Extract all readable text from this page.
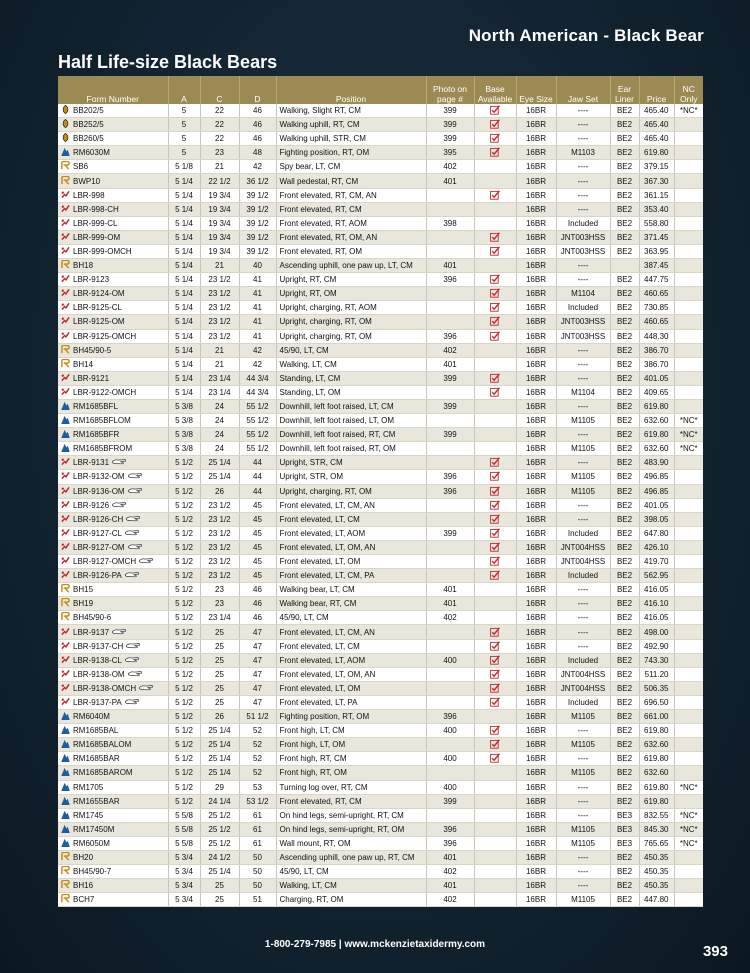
North American - Black Bear
Half Life-size Black Bears
Form Number	A	C	D	Position	Photo on page #	Base Available	Eye Size	Jaw Set	Ear Liner	Price	NC Only
BB202/5	5	22	46	Walking, Slight RT, CM	399		16BR	----	BE2	465.40	*NC*
BB252/5	5	22	46	Walking uphill, RT, CM	399		16BR	----	BE2	465.40	
BB260/5	5	22	46	Walking uphill, STR, CM	399		16BR	----	BE2	465.40	
RM6030M	5	23	48	Fighting position, RT, OM	395		16BR	M1103	BE2	619.80	
SB6	5 1/8	21	42	Spy bear, LT, CM	402		16BR	----	BE2	379.15	
BWP10	5 1/4	22 1/2	36 1/2	Wall pedestal, RT, CM	401		16BR	----	BE2	367.30	
LBR-998	5 1/4	19 3/4	39 1/2	Front elevated, RT, CM, AN			16BR	----	BE2	361.15	
LBR-998-CH	5 1/4	19 3/4	39 1/2	Front elevated, RT, CM			16BR	----	BE2	353.40	
LBR-999-CL	5 1/4	19 3/4	39 1/2	Front elevated, RT, AOM	398		16BR	Included	BE2	558.80	
LBR-999-OM	5 1/4	19 3/4	39 1/2	Front elevated, RT, OM, AN			16BR	JNT003HSS	BE2	371.45	
LBR-999-OMCH	5 1/4	19 3/4	39 1/2	Front elevated, RT, OM			16BR	JNT003HSS	BE2	363.95	
BH18	5 1/4	21	40	Ascending uphill, one paw up, LT, CM	401		16BR	----		387.45	
LBR-9123	5 1/4	23 1/2	41	Upright, RT, CM	396		16BR	----	BE2	447.75	
LBR-9124-OM	5 1/4	23 1/2	41	Upright, RT, OM			16BR	M1104	BE2	460.65	
LBR-9125-CL	5 1/4	23 1/2	41	Upright, charging, RT, AOM			16BR	Included	BE2	730.85	
LBR-9125-OM	5 1/4	23 1/2	41	Upright, charging, RT, OM			16BR	JNT003HSS	BE2	460.65	
LBR-9125-OMCH	5 1/4	23 1/2	41	Upright, charging, RT, OM	396		16BR	JNT003HSS	BE2	448.30	
BH45/90-5	5 1/4	21	42	45/90, LT, CM	402		16BR	----	BE2	386.70	
BH14	5 1/4	21	42	Walking, LT, CM	401		16BR	----	BE2	386.70	
LBR-9121	5 1/4	23 1/4	44 3/4	Standing, LT, CM	399		16BR	----	BE2	401.05	
LBR-9122-OMCH	5 1/4	23 1/4	44 3/4	Standing, LT, OM			16BR	M1104	BE2	409.65	
RM1685BFL	5 3/8	24	55 1/2	Downhill, left foot raised, LT, CM	399		16BR	----	BE2	619.80	
RM1685BFLOM	5 3/8	24	55 1/2	Downhill, left foot raised, LT, OM			16BR	M1105	BE2	632.60	*NC*
RM1685BFR	5 3/8	24	55 1/2	Downhill, left foot raised, RT, CM	399		16BR	----	BE2	619.80	*NC*
RM1685BFROM	5 3/8	24	55 1/2	Downhill, left foot raised, RT, OM			16BR	M1105	BE2	632.60	*NC*
LBR-9131	5 1/2	25 1/4	44	Upright, STR, CM			16BR	----	BE2	483.90	
LBR-9132-OM	5 1/2	25 1/4	44	Upright, STR, OM	396		16BR	M1105	BE2	496.85	
LBR-9136-OM	5 1/2	26	44	Upright, charging, RT, OM	396		16BR	M1105	BE2	496.85	
LBR-9126	5 1/2	23 1/2	45	Front elevated, LT, CM, AN			16BR	----	BE2	401.05	
LBR-9126-CH	5 1/2	23 1/2	45	Front elevated, LT, CM			16BR	----	BE2	398.05	
LBR-9127-CL	5 1/2	23 1/2	45	Front elevated, LT, AOM	399		16BR	Included	BE2	647.80	
LBR-9127-OM	5 1/2	23 1/2	45	Front elevated, LT, OM, AN			16BR	JNT004HSS	BE2	426.10	
LBR-9127-OMCH	5 1/2	23 1/2	45	Front elevated, LT, OM			16BR	JNT004HSS	BE2	419.70	
LBR-9126-PA	5 1/2	23 1/2	45	Front elevated, LT, CM, PA			16BR	Included	BE2	562.95	
BH15	5 1/2	23	46	Walking bear, LT, CM	401		16BR	----	BE2	416.05	
BH19	5 1/2	23	46	Walking bear, RT, CM	401		16BR	----	BE2	416.10	
BH45/90-6	5 1/2	23 1/4	46	45/90, LT, CM	402		16BR	----	BE2	416.05	
LBR-9137	5 1/2	25	47	Front elevated, LT, CM, AN			16BR	----	BE2	498.00	
LBR-9137-CH	5 1/2	25	47	Front elevated, LT, CM			16BR	----	BE2	492.90	
LBR-9138-CL	5 1/2	25	47	Front elevated, LT, AOM	400		16BR	Included	BE2	743.30	
LBR-9138-OM	5 1/2	25	47	Front elevated, LT, OM, AN			16BR	JNT004HSS	BE2	511.20	
LBR-9138-OMCH	5 1/2	25	47	Front elevated, LT, OM			16BR	JNT004HSS	BE2	506.35	
LBR-9137-PA	5 1/2	25	47	Front elevated, LT, PA			16BR	Included	BE2	696.50	
RM6040M	5 1/2	26	51 1/2	Fighting position, RT, OM	396		16BR	M1105	BE2	661.00	
RM1685BAL	5 1/2	25 1/4	52	Front high, LT, CM	400		16BR	----	BE2	619.80	
RM1685BALOM	5 1/2	25 1/4	52	Front high, LT, OM			16BR	M1105	BE2	632.60	
RM1685BAR	5 1/2	25 1/4	52	Front high, RT, CM	400		16BR	----	BE2	619.80	
RM1685BAROM	5 1/2	25 1/4	52	Front high, RT, OM			16BR	M1105	BE2	632.60	
RM1705	5 1/2	29	53	Turning log over, RT, CM	400		16BR	----	BE2	619.80	*NC*
RM1655BAR	5 1/2	24 1/4	53 1/2	Front elevated, RT, CM	399		16BR	----	BE2	619.80	
RM1745	5 5/8	25 1/2	61	On hind legs, semi-upright, RT, CM			16BR	----	BE3	832.55	*NC*
RM17450M	5 5/8	25 1/2	61	On hind legs, semi-upright, RT, OM	396		16BR	M1105	BE3	845.30	*NC*
RM6050M	5 5/8	25 1/2	61	Wall mount, RT, OM	396		16BR	M1105	BE3	765.65	*NC*
BH20	5 3/4	24 1/2	50	Ascending uphill, one paw up, RT, CM	401		16BR	----	BE2	450.35	
BH45/90-7	5 3/4	25 1/4	50	45/90, LT, CM	402		16BR	----	BE2	450.35	
BH16	5 3/4	25	50	Walking, LT, CM	401		16BR	----	BE2	450.35	
BCH7	5 3/4	25	51	Charging, RT, OM	402		16BR	M1105	BE2	447.80	
1-800-279-7985 | www.mckenzietaxidermy.com	393
